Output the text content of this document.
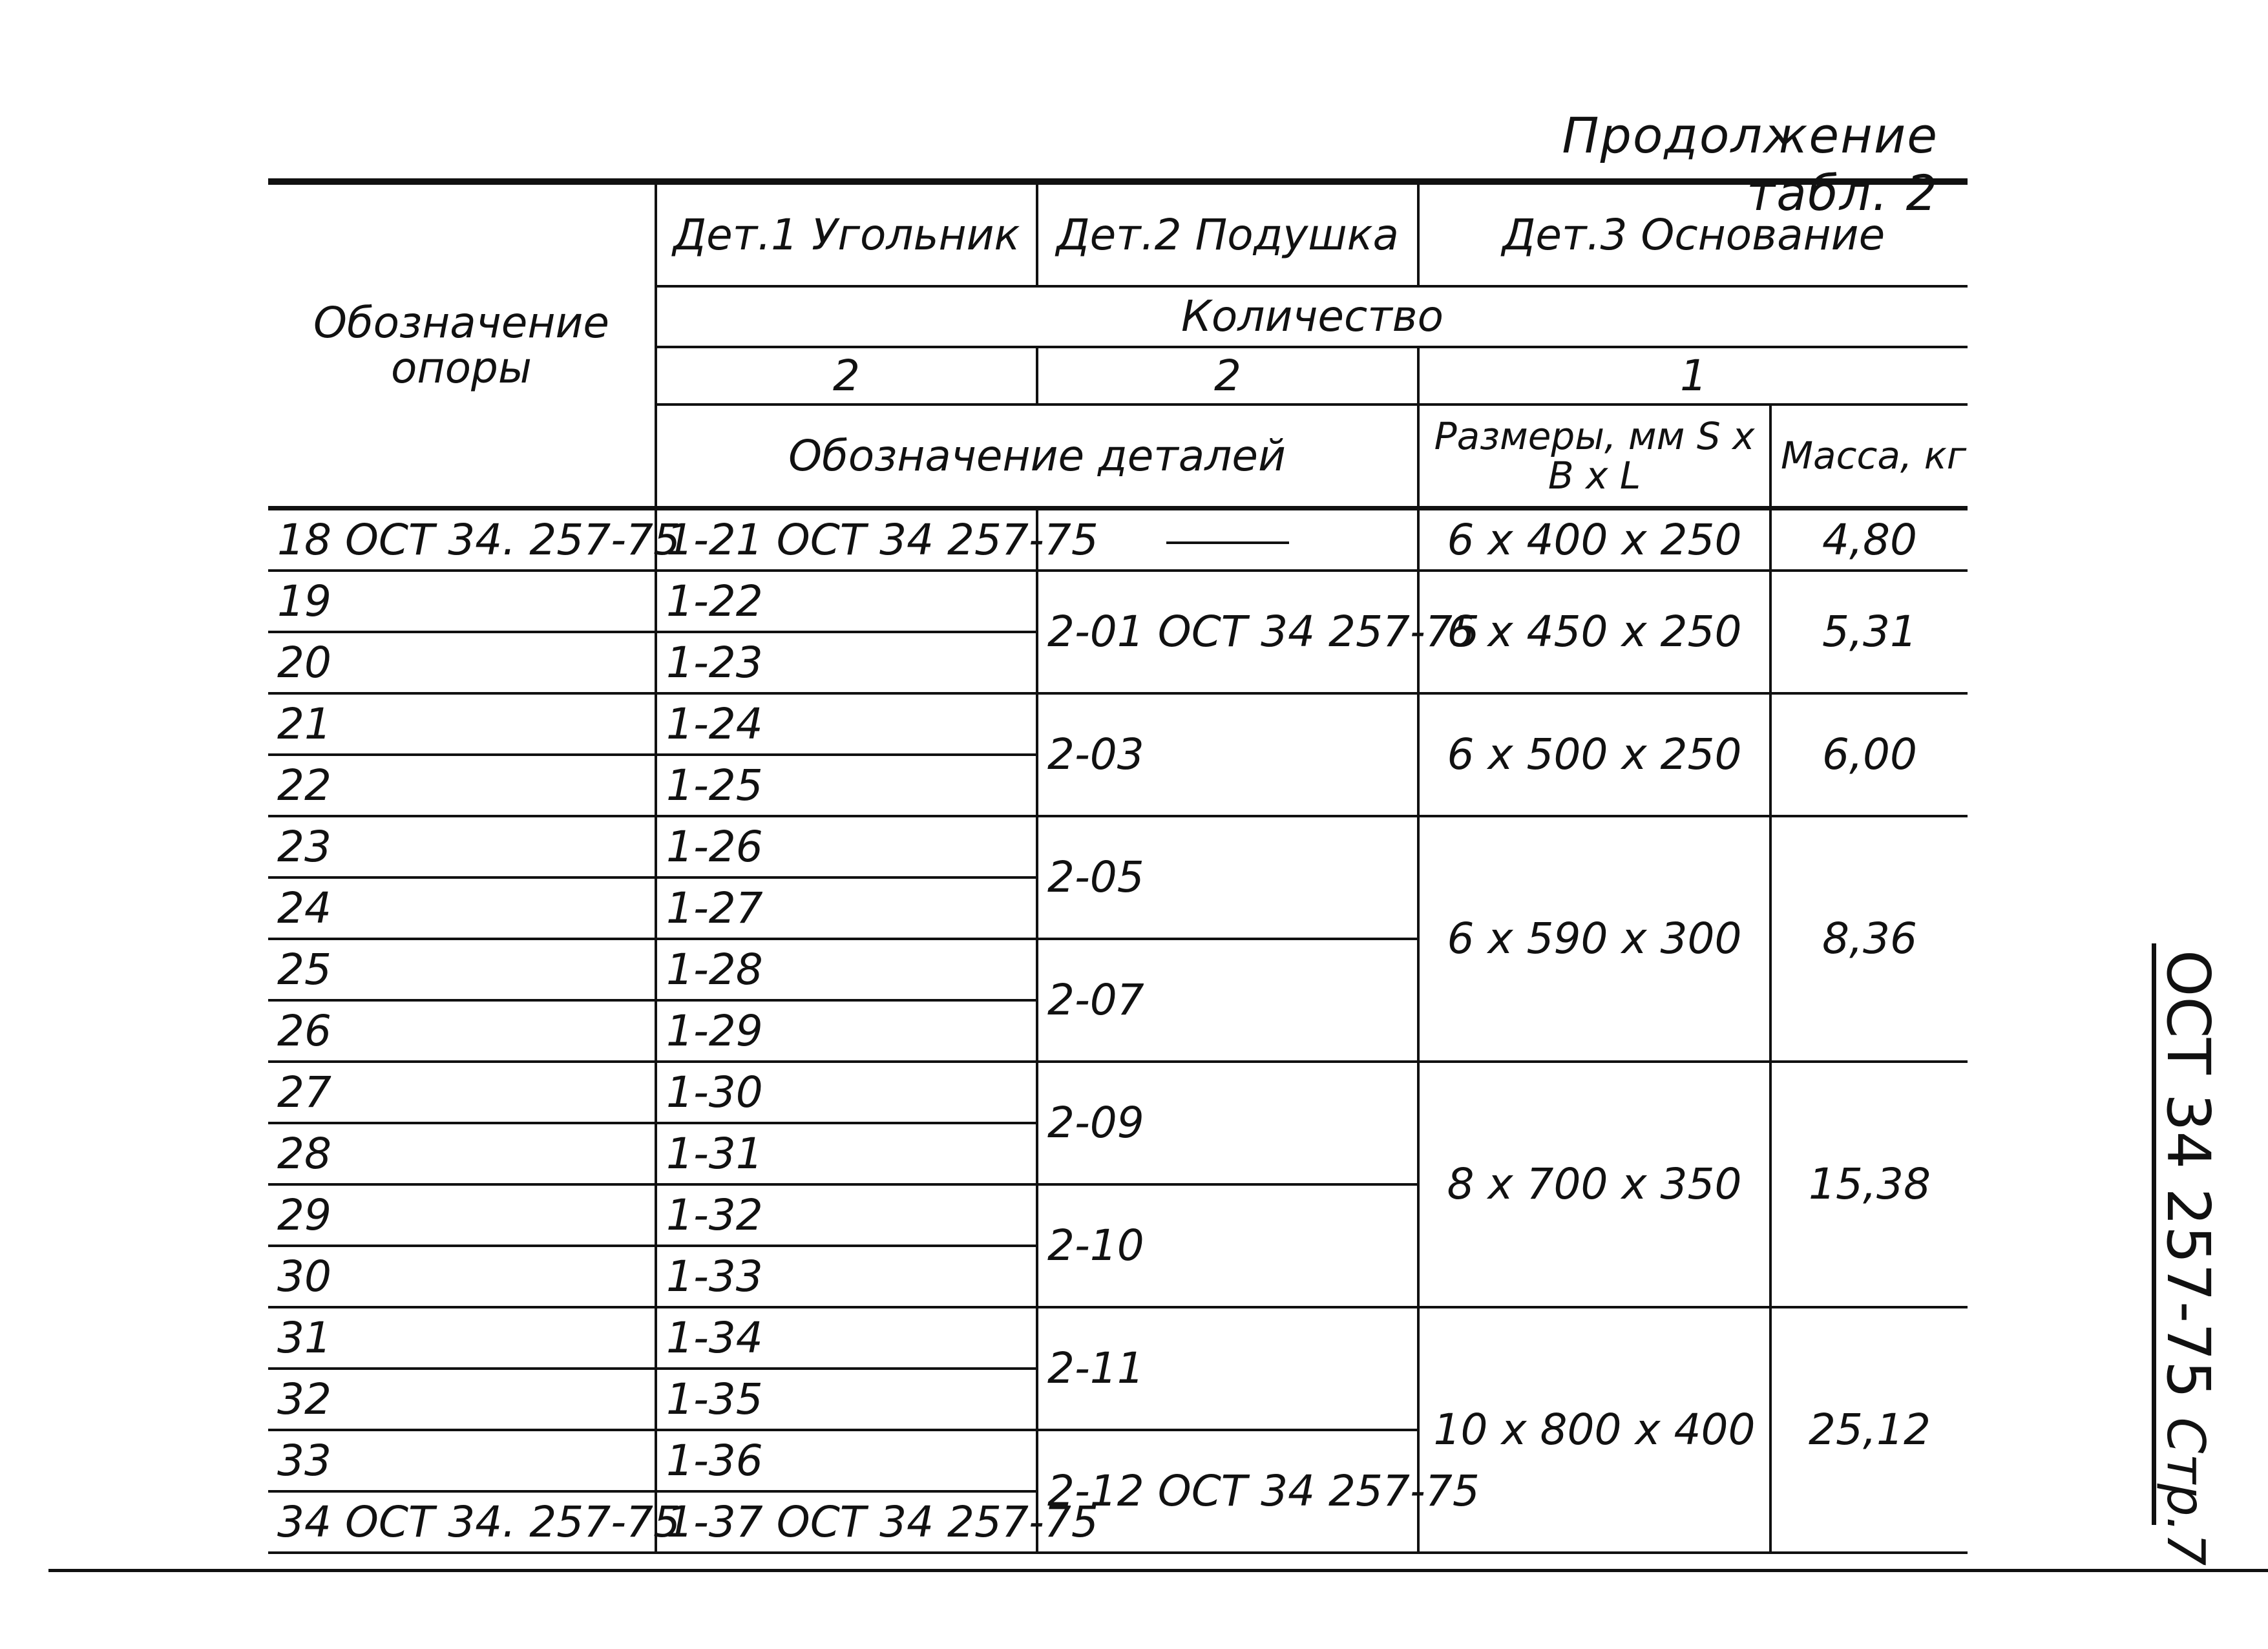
Продолжение табл. 2
Обозначение опоры	Дет.1 Угольник	Дет.2 Подушка	Дет.3 Основание	
	Количество			
	2	2	1	
	Обозначение деталей		Размеры, мм S x B x L	Масса, кг
18 ОСТ 34. 257-75	1-21 ОСТ 34 257-75		6 x 400 x 250	4,80
19	1-22	2-01 ОСТ 34 257-75	6 x 450 x 250	5,31
20	1-23			
21	1-24	2-03	6 x 500 x 250	6,00
22	1-25			
23	1-26	2-05	6 x 590 x 300	8,36
24	1-27			
25	1-28	2-07		
26	1-29			
27	1-30	2-09	8 x 700 x 350	15,38
28	1-31			
29	1-32	2-10		
30	1-33			
31	1-34	2-11	10 x 800 x 400	25,12
32	1-35			
33	1-36	2-12 ОСТ 34 257-75		
34 ОСТ 34. 257-75	1-37 ОСТ 34 257-75			
ОСТ 34 257-75 Стр.7
